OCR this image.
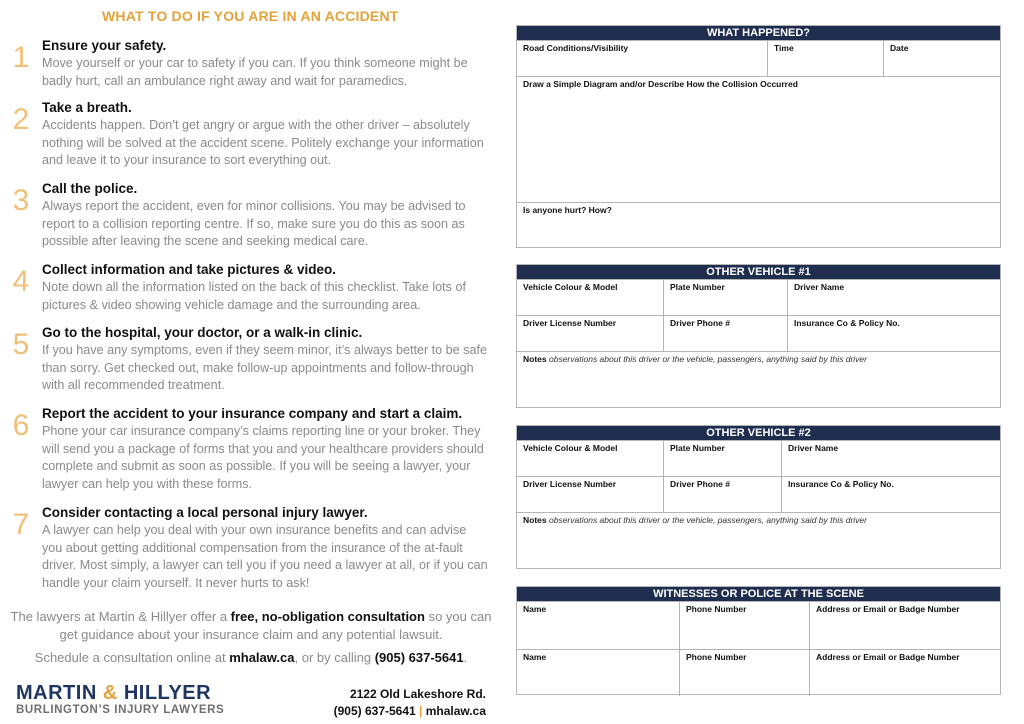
WHAT TO DO IF YOU ARE IN AN ACCIDENT
1 Ensure your safety.
Move yourself or your car to safety if you can. If you think someone might be badly hurt, call an ambulance right away and wait for paramedics.
2 Take a breath.
Accidents happen. Don’t get angry or argue with the other driver – absolutely nothing will be solved at the accident scene. Politely exchange your information and leave it to your insurance to sort everything out.
3 Call the police.
Always report the accident, even for minor collisions. You may be advised to report to a collision reporting centre. If so, make sure you do this as soon as possible after leaving the scene and seeking medical care.
4 Collect information and take pictures & video.
Note down all the information listed on the back of this checklist. Take lots of pictures & video showing vehicle damage and the surrounding area.
5 Go to the hospital, your doctor, or a walk-in clinic.
If you have any symptoms, even if they seem minor, it’s always better to be safe than sorry. Get checked out, make follow-up appointments and follow-through with all recommended treatment.
6 Report the accident to your insurance company and start a claim.
Phone your car insurance company’s claims reporting line or your broker. They will send you a package of forms that you and your healthcare providers should complete and submit as soon as possible. If you will be seeing a lawyer, your lawyer can help you with these forms.
7 Consider contacting a local personal injury lawyer.
A lawyer can help you deal with your own insurance benefits and can advise you about getting additional compensation from the insurance of the at-fault driver. Most simply, a lawyer can tell you if you need a lawyer at all, or if you can handle your claim yourself. It never hurts to ask!
The lawyers at Martin & Hillyer offer a free, no-obligation consultation so you can get guidance about your insurance claim and any potential lawsuit.
Schedule a consultation online at mhalaw.ca, or by calling (905) 637-5641.
MARTIN & HILLYER
BURLINGTON’S INJURY LAWYERS
2122 Old Lakeshore Rd.
(905) 637-5641 | mhalaw.ca
WHAT HAPPENED?
Road Conditions/Visibility	Time	Date
Draw a Simple Diagram and/or Describe How the Collision Occurred
Is anyone hurt? How?
OTHER VEHICLE #1
Vehicle Colour & Model	Plate Number	Driver Name
Driver License Number	Driver Phone #	Insurance Co & Policy No.
Notes observations about this driver or the vehicle, passengers, anything said by this driver
OTHER VEHICLE #2
Vehicle Colour & Model	Plate Number	Driver Name
Driver License Number	Driver Phone #	Insurance Co & Policy No.
Notes observations about this driver or the vehicle, passengers, anything said by this driver
WITNESSES OR POLICE AT THE SCENE
Name	Phone Number	Address or Email or Badge Number
Name	Phone Number	Address or Email or Badge Number
